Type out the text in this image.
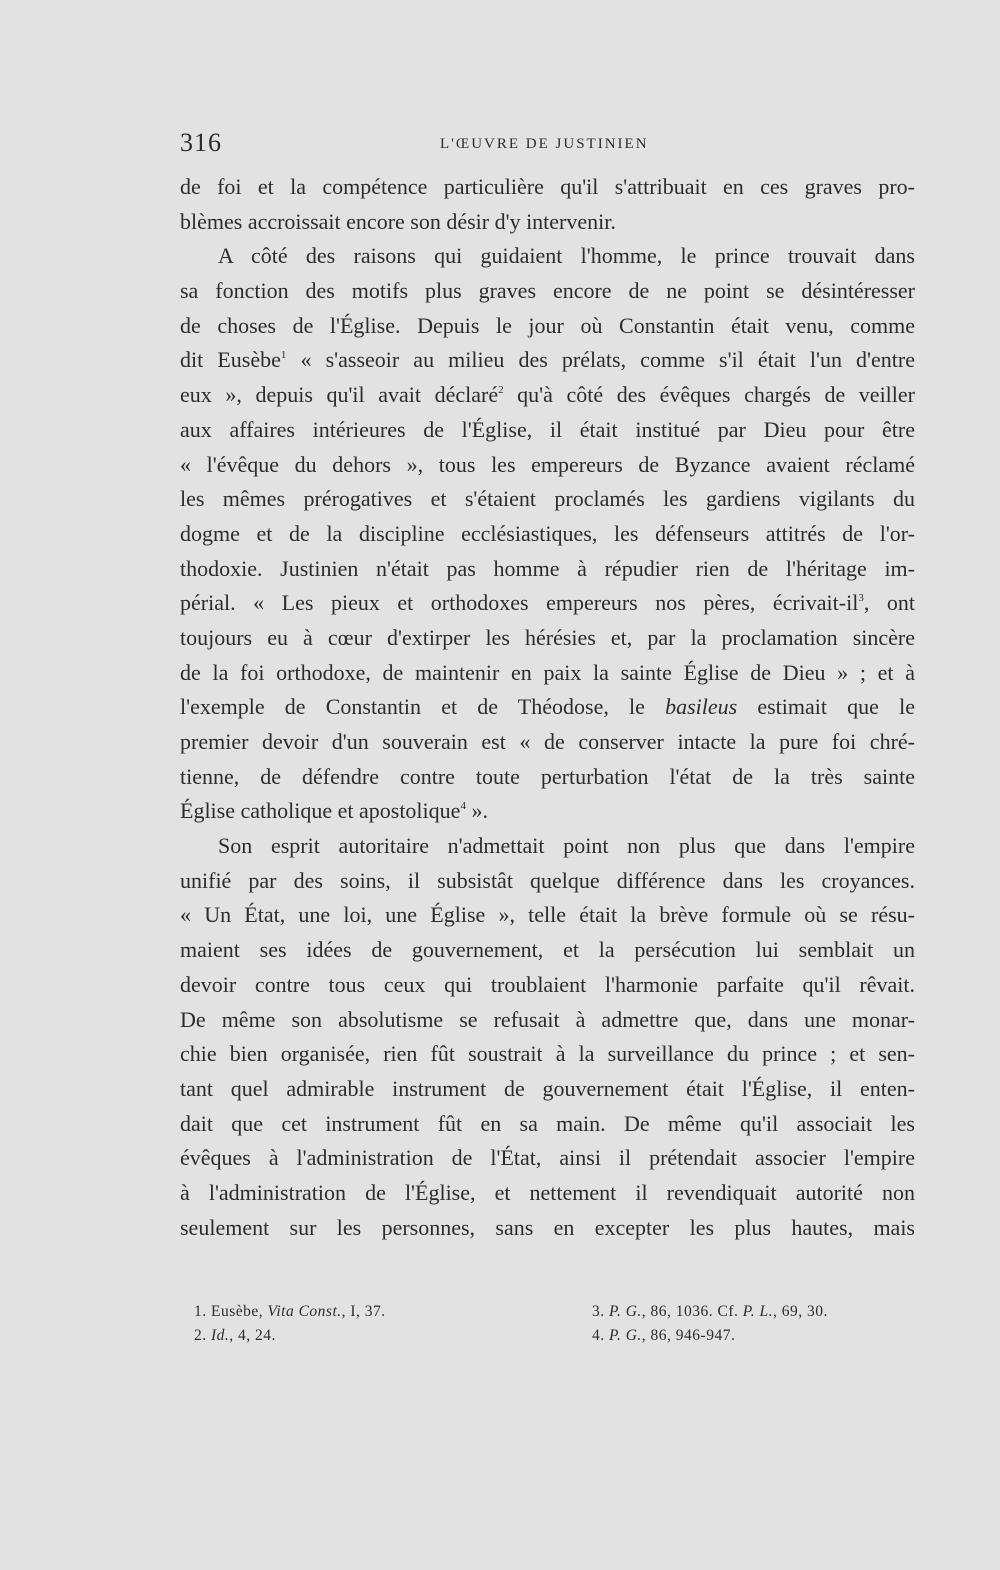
316	L'ŒUVRE DE JUSTINIEN
de foi et la compétence particulière qu'il s'attribuait en ces graves pro-
blèmes accroissait encore son désir d'y intervenir.
A côté des raisons qui guidaient l'homme, le prince trouvait dans
sa fonction des motifs plus graves encore de ne point se désintéresser
de choses de l'Église. Depuis le jour où Constantin était venu, comme
dit Eusèbe$^1$ « s'asseoir au milieu des prélats, comme s'il était l'un d'entre
eux », depuis qu'il avait déclaré$^2$ qu'à côté des évêques chargés de veiller
aux affaires intérieures de l'Église, il était institué par Dieu pour être
« l'évêque du dehors », tous les empereurs de Byzance avaient réclamé
les mêmes prérogatives et s'étaient proclamés les gardiens vigilants du
dogme et de la discipline ecclésiastiques, les défenseurs attitrés de l'or-
thodoxie. Justinien n'était pas homme à répudier rien de l'héritage im-
périal. « Les pieux et orthodoxes empereurs nos pères, écrivait-$il^3$, ont
toujours eu à cœur d'extirper les hérésies et, par la proclamation sincère
de la foi orthodoxe, de maintenir en paix la sainte Église de Dieu » ; et à
l'exemple de Constantin et de Théodose, le basileus estimait que le
premier devoir d'un souverain est « de conserver intacte la pure foi chré-
tienne, de défendre contre toute perturbation l'état de la très sainte
Église catholique et apostolique$^4$ ».
Son esprit autoritaire n'admettait point non plus que dans l'empire
unifié par des soins, il subsistât quelque différence dans les croyances.
« Un État, une loi, une Église », telle était la brève formule où se résu-
maient ses idées de gouvernement, et la persécution lui semblait un
devoir contre tous ceux qui troublaient l'harmonie parfaite qu'il rêvait.
De même son absolutisme se refusait à admettre que, dans une monar-
chie bien organisée, rien fût soustrait à la surveillance du prince ; et sen-
tant quel admirable instrument de gouvernement était l'Église, il enten-
dait que cet instrument fût en sa main. De même qu'il associait les
évêques à l'administration de l'État, ainsi il prétendait associer l'empire
à l'administration de l'Église, et nettement il revendiquait autorité non
seulement sur les personnes, sans en excepter les plus hautes, mais
1. Eusèbe, Vita Const., I, 37.
2. Id., 4, 24.
3. P. G., 86, 1036. Cf. P. L., 69, 30.
4. P. G., 86, 946-947.
